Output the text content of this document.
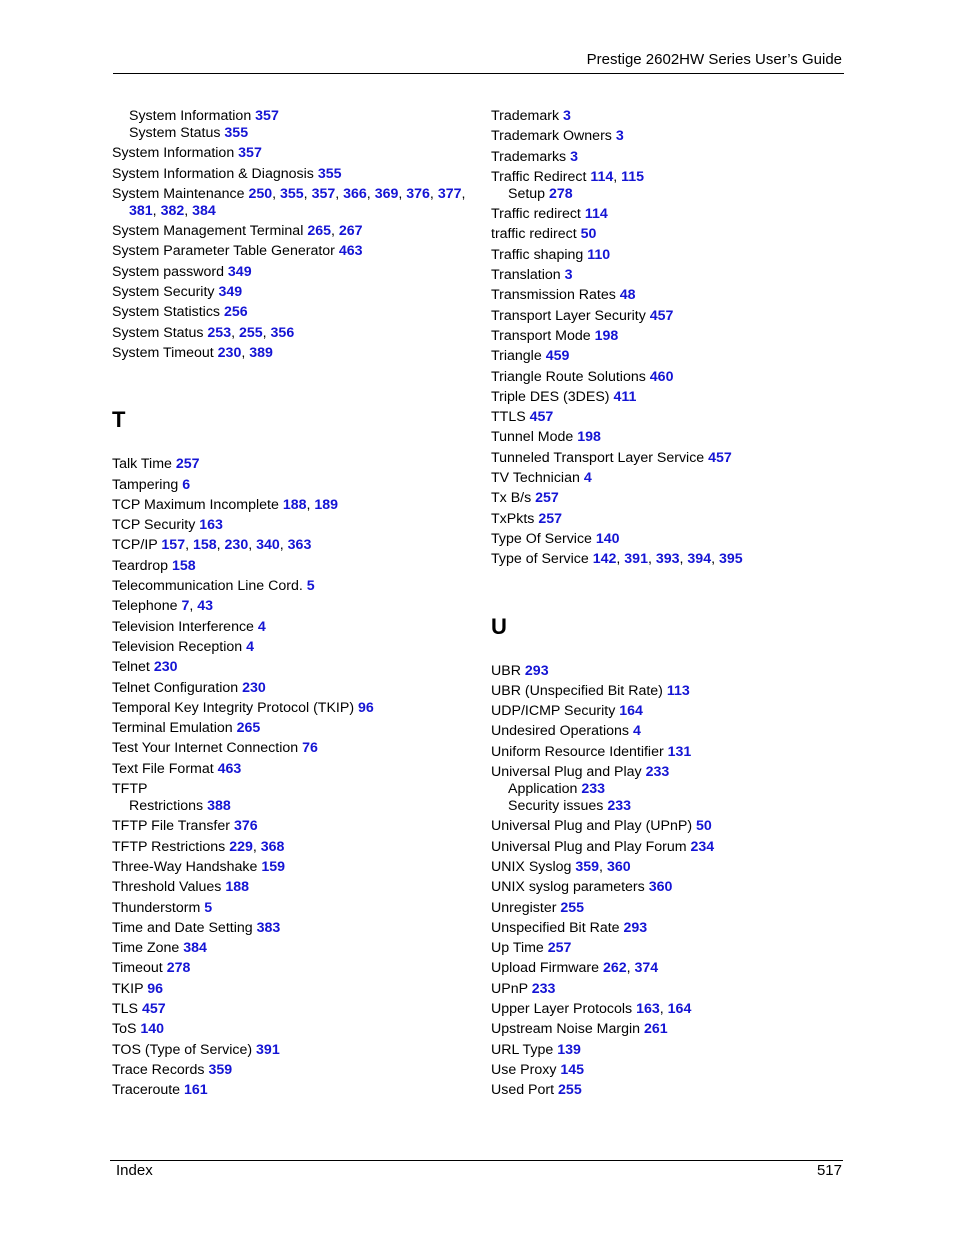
Prestige 2602HW Series User’s Guide
System Information 357
System Status 355
System Information 357
System Information & Diagnosis 355
System Maintenance 250, 355, 357, 366, 369, 376, 377,
381, 382, 384
System Management Terminal 265, 267
System Parameter Table Generator 463
System password 349
System Security 349
System Statistics 256
System Status 253, 255, 356
System Timeout 230, 389
T
Talk Time 257
Tampering 6
TCP Maximum Incomplete 188, 189
TCP Security 163
TCP/IP 157, 158, 230, 340, 363
Teardrop 158
Telecommunication Line Cord. 5
Telephone 7, 43
Television Interference 4
Television Reception 4
Telnet 230
Telnet Configuration 230
Temporal Key Integrity Protocol (TKIP) 96
Terminal Emulation 265
Test Your Internet Connection 76
Text File Format 463
TFTP
Restrictions 388
TFTP File Transfer 376
TFTP Restrictions 229, 368
Three-Way Handshake 159
Threshold Values 188
Thunderstorm 5
Time and Date Setting 383
Time Zone 384
Timeout 278
TKIP 96
TLS 457
ToS 140
TOS (Type of Service) 391
Trace Records 359
Traceroute 161
Trademark 3
Trademark Owners 3
Trademarks 3
Traffic Redirect 114, 115
Setup 278
Traffic redirect 114
traffic redirect 50
Traffic shaping 110
Translation 3
Transmission Rates 48
Transport Layer Security 457
Transport Mode 198
Triangle 459
Triangle Route Solutions 460
Triple DES (3DES) 411
TTLS 457
Tunnel Mode 198
Tunneled Transport Layer Service 457
TV Technician 4
Tx B/s 257
TxPkts 257
Type Of Service 140
Type of Service 142, 391, 393, 394, 395
U
UBR 293
UBR (Unspecified Bit Rate) 113
UDP/ICMP Security 164
Undesired Operations 4
Uniform Resource Identifier 131
Universal Plug and Play 233
Application 233
Security issues 233
Universal Plug and Play (UPnP) 50
Universal Plug and Play Forum 234
UNIX Syslog 359, 360
UNIX syslog parameters 360
Unregister 255
Unspecified Bit Rate 293
Up Time 257
Upload Firmware 262, 374
UPnP 233
Upper Layer Protocols 163, 164
Upstream Noise Margin 261
URL Type 139
Use Proxy 145
Used Port 255
Index	517
